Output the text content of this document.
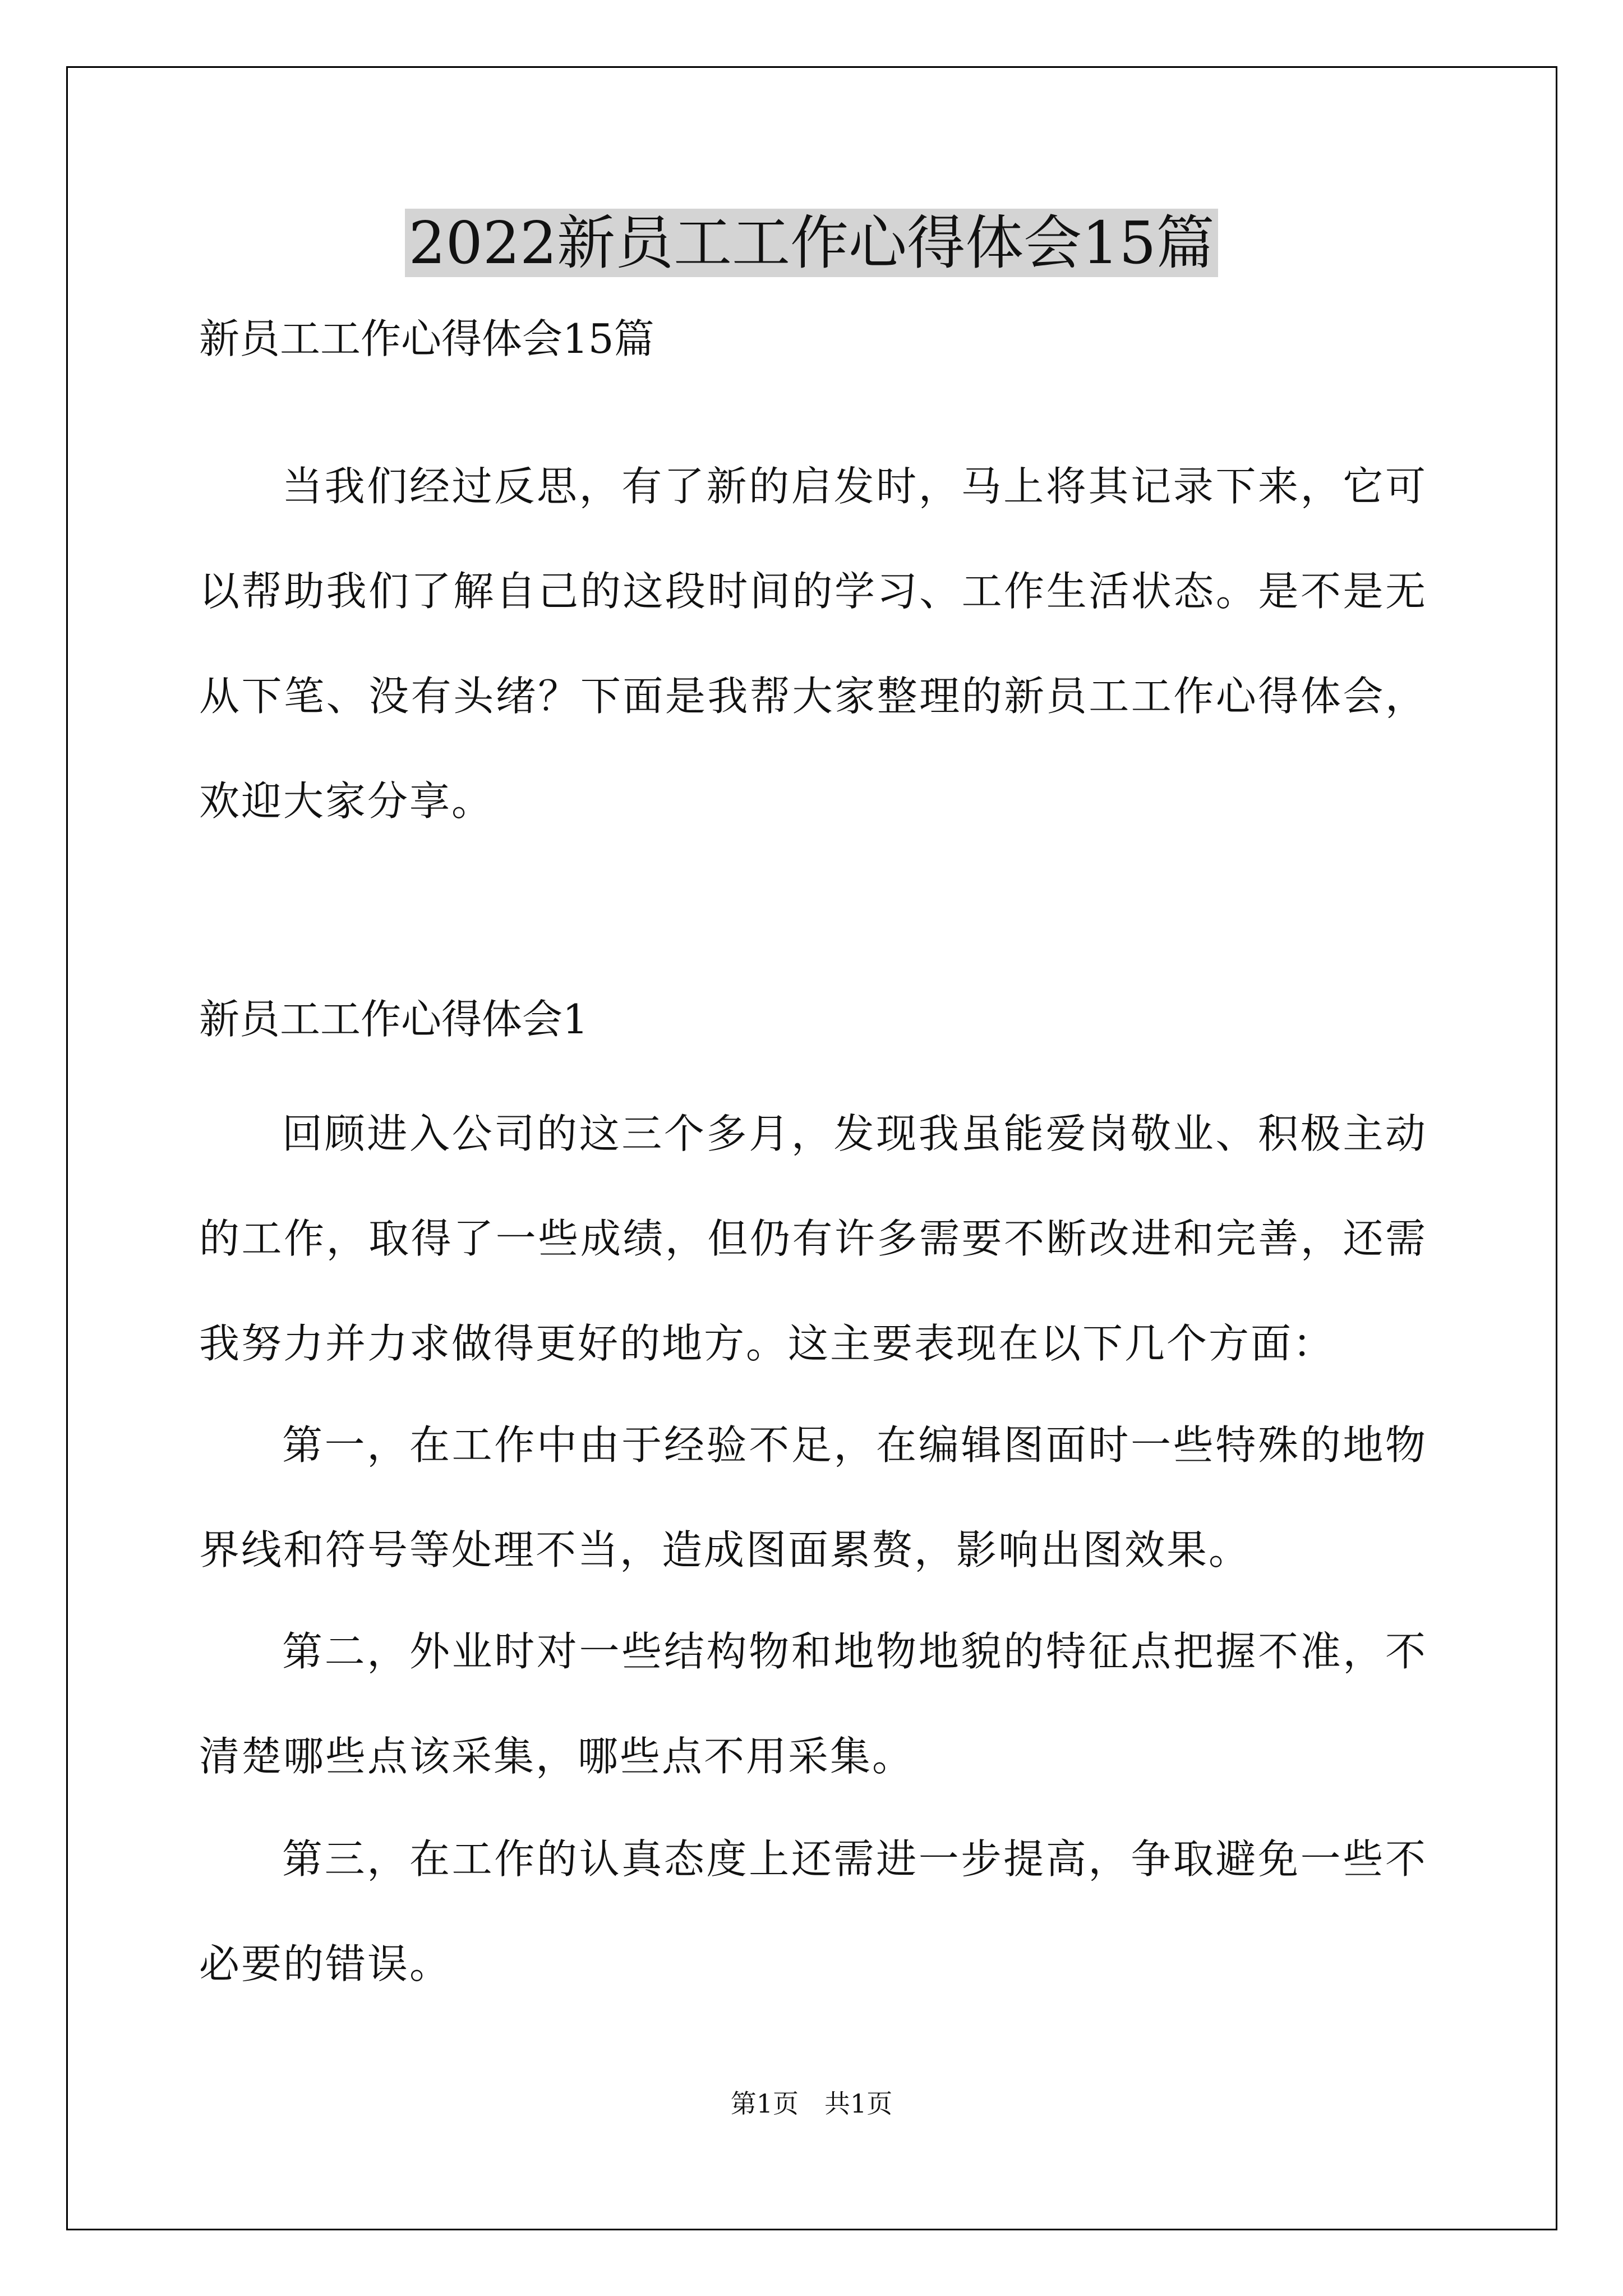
2022新员工工作心得体会15篇

新员工工作心得体会15篇

当我们经过反思，有了新的启发时，马上将其记录下来，它可以帮助我们了解自己的这段时间的学习、工作生活状态。是不是无从下笔、没有头绪？下面是我帮大家整理的新员工工作心得体会，欢迎大家分享。

新员工工作心得体会1

回顾进入公司的这三个多月，发现我虽能爱岗敬业、积极主动的工作，取得了一些成绩，但仍有许多需要不断改进和完善，还需我努力并力求做得更好的地方。这主要表现在以下几个方面：

第一，在工作中由于经验不足，在编辑图面时一些特殊的地物界线和符号等处理不当，造成图面累赘，影响出图效果。

第二，外业时对一些结构物和地物地貌的特征点把握不准，不清楚哪些点该采集，哪些点不用采集。

第三，在工作的认真态度上还需进一步提高，争取避免一些不必要的错误。

第1页　共1页
